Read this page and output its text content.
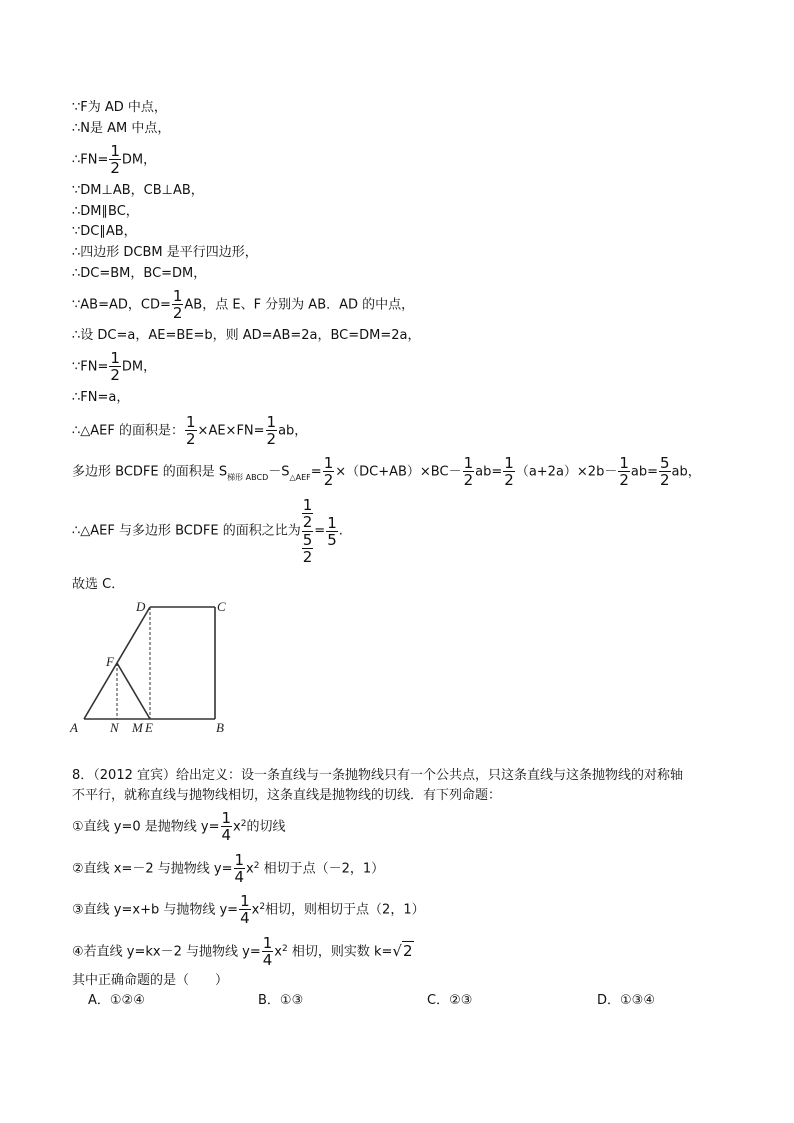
∵F为 AD 中点，
∴N是 AM 中点，
∴FN= $\frac{1}{2}$ DM，
∵DM⊥AB，CB⊥AB，
∴DM∥BC，
∵DC∥AB，
∴四边形 DCBM 是平行四边形，
∴DC=BM，BC=DM，
∵AB=AD，$CD= \frac{1}{2}$ AB，点 E、F 分别为 AB．AD 的中点，
∴设 DC=a，AE=BE=b，则 AD=AB=2a，BC=DM=2a，
∵FN= $\frac{1}{2}$ DM，
∴FN=a，
∴△AEF 的面积是： $\frac{1}{2} \times AE\times FN= \frac{1}{2}$ ab，
多边形 BCDFE 的面积是 $S_{梯形 ABCD}-S_{\triangle AEF}= \frac{1}{2} \times(DC+AB)\times BC- \frac{1}{2} ab= \frac{1}{2} (a+2a)\times 2b- \frac{1}{2} ab= \frac{5}{2}$ ab，
∴△AEF 与多边形 BCDFE 的面积之比为
1
2
5
2
= $\frac{1}{5}$ .
故选 C．
A	B
C
D
F
N M E
8．（2012 宜宾）给出定义：设一条直线与一条抛物线只有一个公共点，只这条直线与这条抛物线的对称轴
不平行，就称直线与抛物线相切，这条直线是抛物线的切线．有下列命题：
①直线 y=0 是抛物线 $y= \frac{1}{4} x^2$的切线
②直线 x=－2 与抛物线 $y= \frac{1}{4} x^2$ 相切于点（－2，1）
③直线 y=x+b 与抛物线 $y= \frac{1}{4} x^2$相切，则相切于点（2，1）
④若直线 y=kx－2 与抛物线 $y= \frac{1}{4} x^2$ 相切，则实数 k=√2
其中正确命题的是（　　）
A．①②④	B．①③	C．②③	D．①③④
